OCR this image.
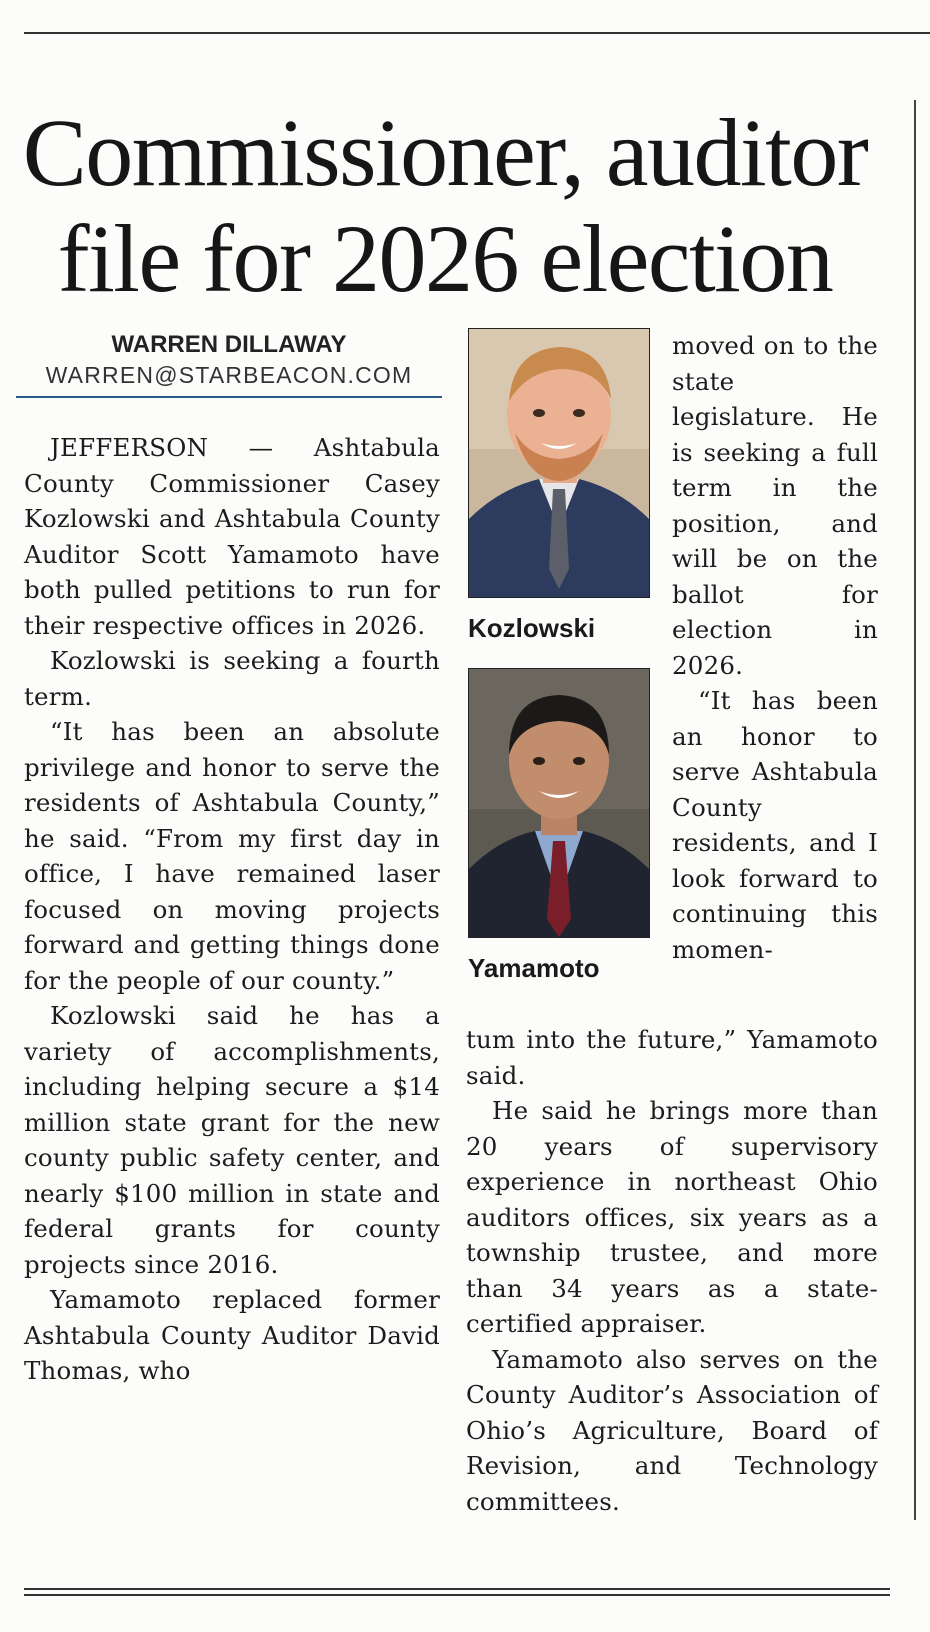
Commissioner, auditor
file for 2026 election
WARREN DILLAWAY
WARREN@STARBEACON.COM

JEFFERSON — Ashtabula County Commissioner Casey Kozlowski and Ashtabula County Auditor Scott Yamamoto have both pulled petitions to run for their respective offices in 2026.

Kozlowski is seeking a fourth term.

“It has been an absolute privilege and honor to serve the residents of Ashtabula County,” he said. “From my first day in office, I have remained laser focused on moving projects forward and getting things done for the people of our county.”

Kozlowski said he has a variety of accomplishments, including helping secure a $14 million state grant for the new county public safety center, and nearly $100 million in state and federal grants for county projects since 2016.

Yamamoto replaced former Ashtabula County Auditor David Thomas, who

Kozlowski
Yamamoto

moved on to the state legislature. He is seeking a full term in the position, and will be on the ballot for election in 2026.

“It has been an honor to serve Ashtabula County residents, and I look forward to continuing this momen-

tum into the future,” Yamamoto said.

He said he brings more than 20 years of supervisory experience in northeast Ohio auditors offices, six years as a township trustee, and more than 34 years as a state-certified appraiser.

Yamamoto also serves on the County Auditor’s Association of Ohio’s Agriculture, Board of Revision, and Technology committees.
